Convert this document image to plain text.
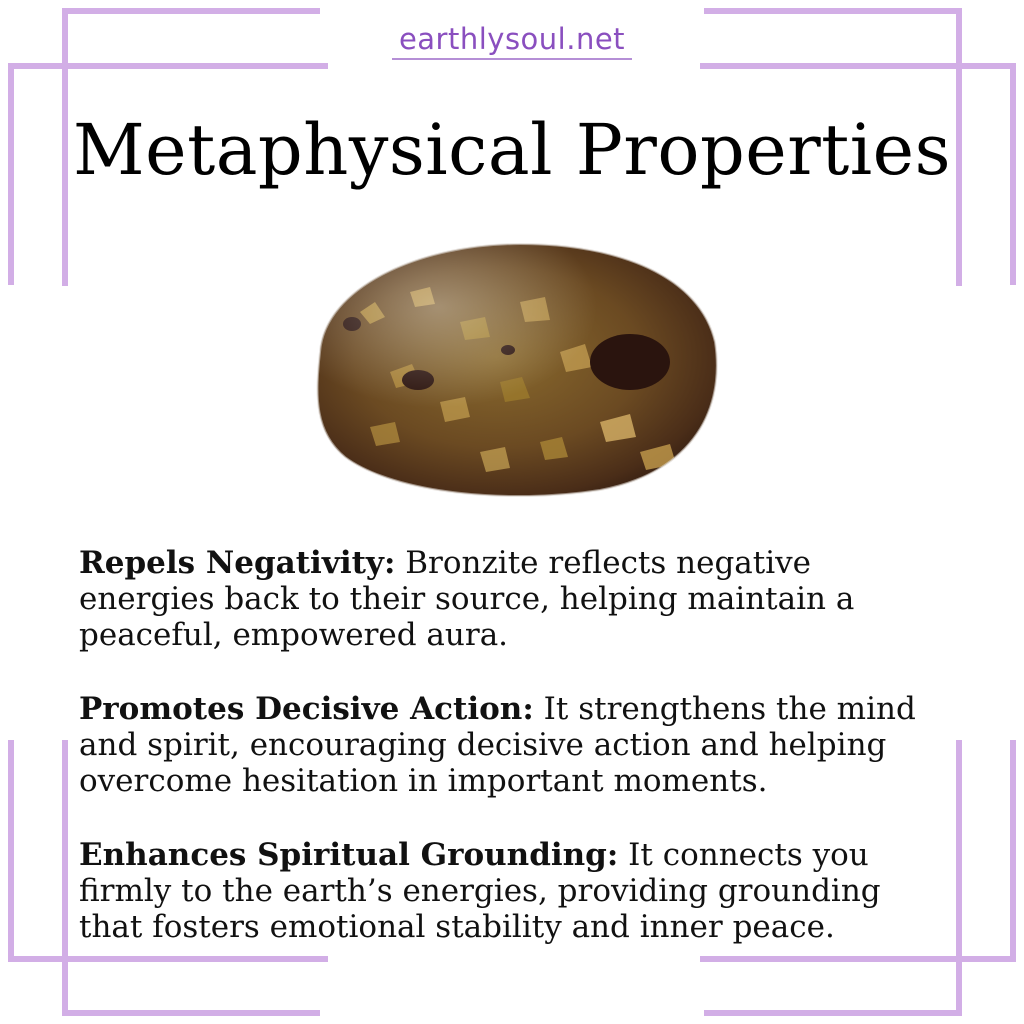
earthlysoul.net
Metaphysical Properties

Repels Negativity: Bronzite reflects negative energies back to their source, helping maintain a peaceful, empowered aura.

Promotes Decisive Action: It strengthens the mind and spirit, encouraging decisive action and helping overcome hesitation in important moments.

Enhances Spiritual Grounding: It connects you firmly to the earth’s energies, providing grounding that fosters emotional stability and inner peace.
